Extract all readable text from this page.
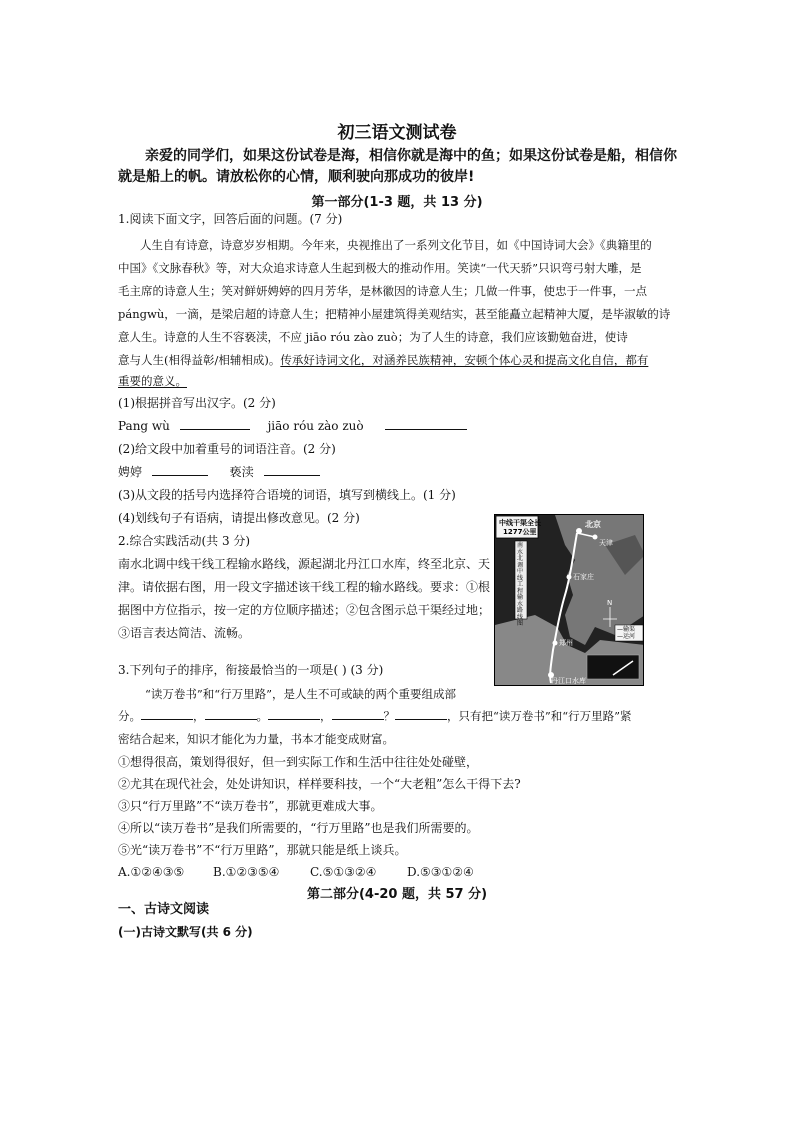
初三语文测试卷
亲爱的同学们，如果这份试卷是海，相信你就是海中的鱼；如果这份试卷是船，相信你
就是船上的帆。请放松你的心情，顺利驶向那成功的彼岸!
第一部分(1-3 题，共 13 分)
1.阅读下面文字，回答后面的问题。(7 分)
人生自有诗意，诗意岁岁相期。今年来，央视推出了一系列文化节目，如《中国诗词大会》《典籍里的
中国》《文脉春秋》等，对大众追求诗意人生起到极大的推动作用。笑读“一代天骄”只识弯弓射大雕，是
毛主席的诗意人生；笑对鲜妍娉婷的四月芳华，是林徽因的诗意人生；几做一件事，使忠于一件事，一点
pángwù，一滴，是梁启超的诗意人生；把精神小屋建筑得美观结实，甚至能矗立起精神大厦，是毕淑敏的诗
意人生。诗意的人生不容亵渎，不应 jiāo róu zào zuò；为了人生的诗意，我们应该勤勉奋进，使诗
意与人生(相得益彰/相辅相成)。传承好诗词文化，对涵养民族精神，安顿个体心灵和提高文化自信，都有
重要的意义。
(1)根据拼音写出汉字。(2 分)
Pang wù	jiāo róu zào zuò
(2)给文段中加着重号的词语注音。(2 分)
娉婷	亵渎
(3)从文段的括号内选择符合语境的词语，填写到横线上。(1 分)
(4)划线句子有语病，请提出修改意见。(2 分)
2.综合实践活动(共 3 分)
南水北调中线干线工程输水路线，源起湖北丹江口水库，终至北京、天
津。请依据右图，用一段文字描述该干线工程的输水路线。要求：①根
据图中方位指示，按一定的方位顺序描述；②包含图示总干渠经过地；
③语言表达简洁、流畅。
中线干渠全长
1277公里
北京
天津
石家庄
郑州
丹江口水库
南水北调中线工程输水路线图
—输渠
—运河
N
3.下列句子的排序，衔接最恰当的一项是( ) (3 分)
“读万卷书”和“行万里路”，是人生不可或缺的两个重要组成部
分。	，	。	，	？	，只有把“读万卷书”和“行万里路”紧
密结合起来，知识才能化为力量，书本才能变成财富。
①想得很高，策划得很好，但一到实际工作和生活中往往处处碰壁，
②尤其在现代社会，处处讲知识，样样要科技，一个“大老粗”怎么干得下去?
③只“行万里路”不“读万卷书”，那就更难成大事。
④所以“读万卷书”是我们所需要的，“行万里路”也是我们所需要的。
⑤光“读万卷书”不“行万里路”，那就只能是纸上谈兵。
A.①②④③⑤ B.①②③⑤④	C.⑤①③②④	D.⑤③①②④
第二部分(4-20 题，共 57 分)
一、古诗文阅读
(一)古诗文默写(共 6 分)
